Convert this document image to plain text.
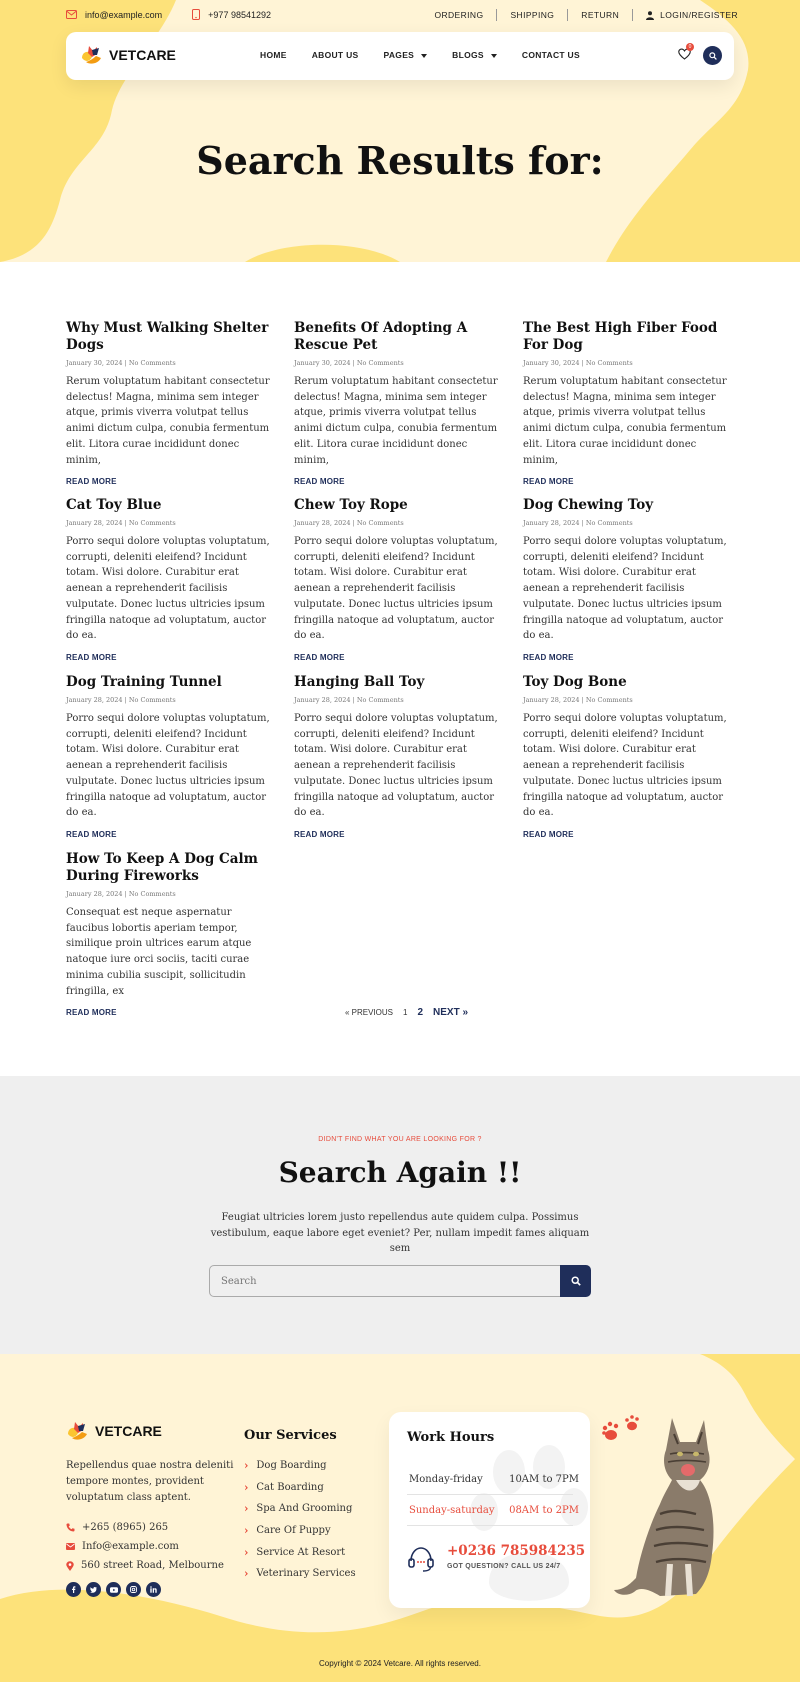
info@example.com	+977 98541292	ORDERING	SHIPPING	RETURN	LOGIN/REGISTER
VETCARE	HOME	ABOUT US	PAGES	BLOGS	CONTACT US
0
Search Results for:
Why Must Walking Shelter Dogs
January 30, 2024 | No Comments

Rerum voluptatum habitant consectetur delectus! Magna, minima sem integer atque, primis viverra volutpat tellus animi dictum culpa, conubia fermentum elit. Litora curae incididunt donec minim,

READ MORE
Benefits Of Adopting A Rescue Pet
January 30, 2024 | No Comments

Rerum voluptatum habitant consectetur delectus! Magna, minima sem integer atque, primis viverra volutpat tellus animi dictum culpa, conubia fermentum elit. Litora curae incididunt donec minim,

READ MORE
The Best High Fiber Food For Dog
January 30, 2024 | No Comments

Rerum voluptatum habitant consectetur delectus! Magna, minima sem integer atque, primis viverra volutpat tellus animi dictum culpa, conubia fermentum elit. Litora curae incididunt donec minim,

READ MORE
Cat Toy Blue
January 28, 2024 | No Comments

Porro sequi dolore voluptas voluptatum, corrupti, deleniti eleifend? Incidunt totam. Wisi dolore. Curabitur erat aenean a reprehenderit facilisis vulputate. Donec luctus ultricies ipsum fringilla natoque ad voluptatum, auctor do ea.

READ MORE
Chew Toy Rope
January 28, 2024 | No Comments

Porro sequi dolore voluptas voluptatum, corrupti, deleniti eleifend? Incidunt totam. Wisi dolore. Curabitur erat aenean a reprehenderit facilisis vulputate. Donec luctus ultricies ipsum fringilla natoque ad voluptatum, auctor do ea.

READ MORE
Dog Chewing Toy
January 28, 2024 | No Comments

Porro sequi dolore voluptas voluptatum, corrupti, deleniti eleifend? Incidunt totam. Wisi dolore. Curabitur erat aenean a reprehenderit facilisis vulputate. Donec luctus ultricies ipsum fringilla natoque ad voluptatum, auctor do ea.

READ MORE
Dog Training Tunnel
January 28, 2024 | No Comments

Porro sequi dolore voluptas voluptatum, corrupti, deleniti eleifend? Incidunt totam. Wisi dolore. Curabitur erat aenean a reprehenderit facilisis vulputate. Donec luctus ultricies ipsum fringilla natoque ad voluptatum, auctor do ea.

READ MORE
Hanging Ball Toy
January 28, 2024 | No Comments

Porro sequi dolore voluptas voluptatum, corrupti, deleniti eleifend? Incidunt totam. Wisi dolore. Curabitur erat aenean a reprehenderit facilisis vulputate. Donec luctus ultricies ipsum fringilla natoque ad voluptatum, auctor do ea.

READ MORE
Toy Dog Bone
January 28, 2024 | No Comments

Porro sequi dolore voluptas voluptatum, corrupti, deleniti eleifend? Incidunt totam. Wisi dolore. Curabitur erat aenean a reprehenderit facilisis vulputate. Donec luctus ultricies ipsum fringilla natoque ad voluptatum, auctor do ea.

READ MORE
How To Keep A Dog Calm During Fireworks
January 28, 2024 | No Comments

Consequat est neque aspernatur faucibus lobortis aperiam tempor, similique proin ultrices earum atque natoque iure orci sociis, taciti curae minima cubilia suscipit, sollicitudin fringilla, ex

READ MORE	« PREVIOUS 1 2 NEXT »
DIDN'T FIND WHAT YOU ARE LOOKING FOR ?
Search Again !!
Feugiat ultricies lorem justo repellendus aute quidem culpa. Possimus vestibulum, eaque labore eget eveniet? Per, nullam impedit fames aliquam sem
Search
VETCARE
Repellendus quae nostra deleniti tempore montes, provident voluptatum class aptent.
+265 (8965) 265
Info@example.com
560 street Road, Melbourne
Our Services
› Dog Boarding
› Cat Boarding
› Spa And Grooming
› Care Of Puppy
› Service At Resort
› Veterinary Services
Work Hours
Monday-friday	10AM to 7PM
Sunday-saturday 08AM to 2PM
+0236 785984235
GOT QUESTION? CALL US 24/7
Copyright © 2024 Vetcare. All rights reserved.
